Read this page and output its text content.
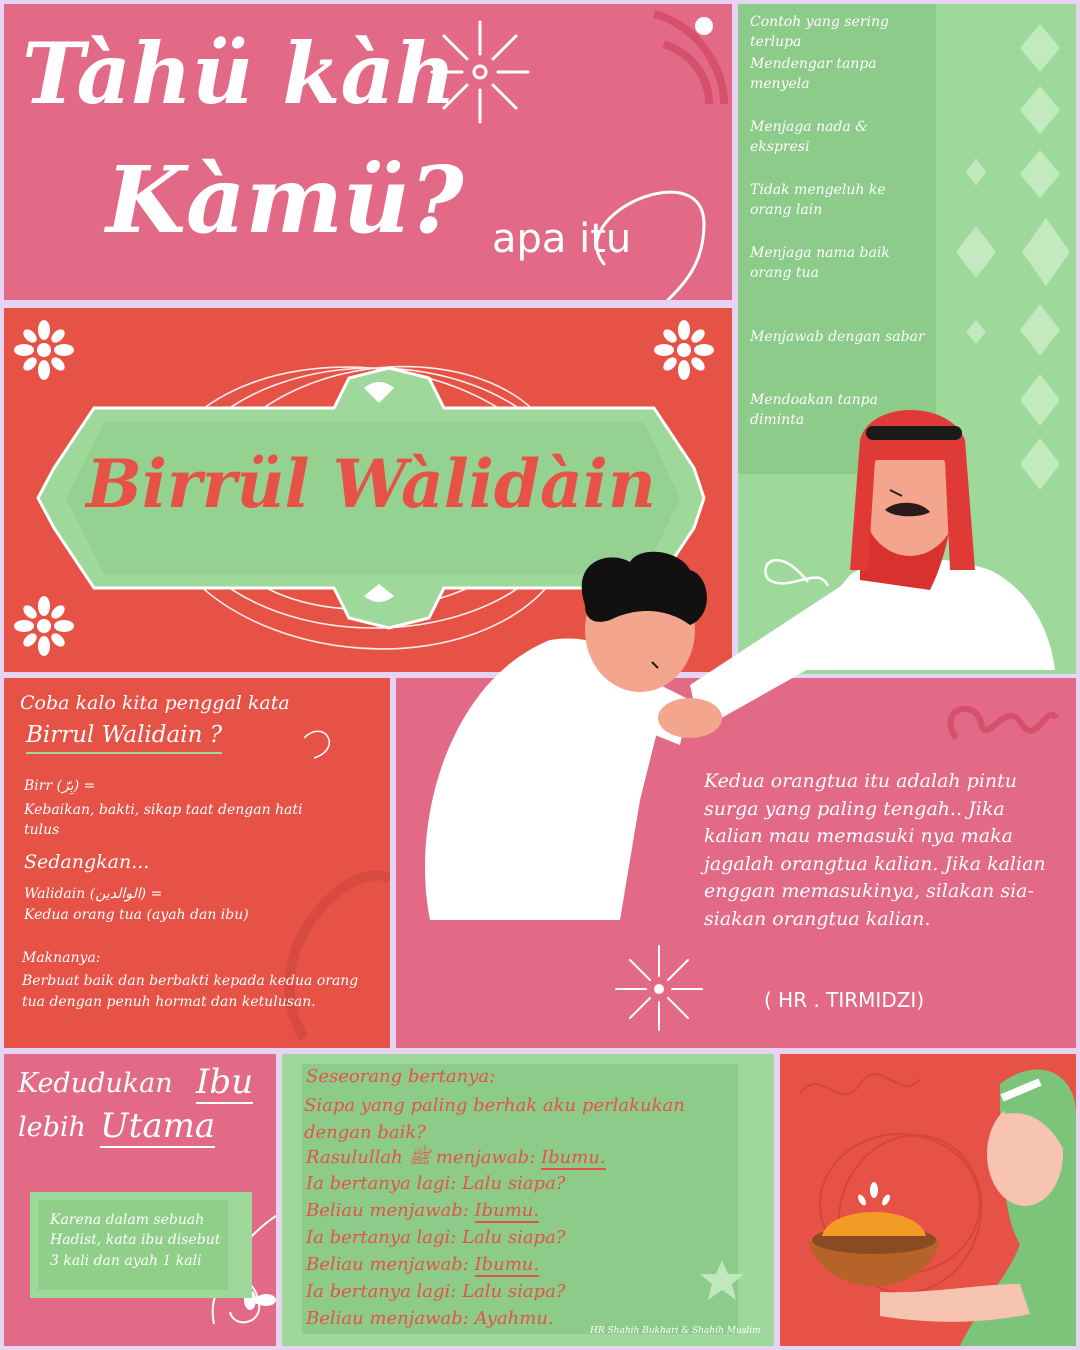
Tàhü kàh

Kàmü? apa itu

Birrül Wàlidàin

Contoh yang sering terlupa

Mendengar tanpa menyela

Menjaga nada & ekspresi

Tidak mengeluh ke orang lain

Menjaga nama baik orang tua

Menjawab dengan sabar

Mendoakan tanpa diminta

Coba kalo kita penggal kata

Birrul Walidain ?

Birr (بِرّ) =

Kebaikan, bakti, sikap taat dengan hati tulus

Sedangkan...

Walidain (الوالدين) =

Kedua orang tua (ayah dan ibu)

Maknanya:

Berbuat baik dan berbakti kepada kedua orang tua dengan penuh hormat dan ketulusan.

Kedua orangtua itu adalah pintu surga yang paling tengah.. Jika kalian mau memasuki nya maka jagalah orangtua kalian. Jika kalian enggan memasukinya, silakan sia-siakan orangtua kalian.

( HR . TIRMIDZI)

Kedudukan Ibu

lebih Utama

Karena dalam sebuah Hadist, kata ibu disebut 3 kali dan ayah 1 kali

Seseorang bertanya:

Siapa yang paling berhak aku perlakukan dengan baik?

Rasulullah ﷺ menjawab: Ibumu.

Ia bertanya lagi: Lalu siapa?

Beliau menjawab: Ibumu.

Ia bertanya lagi: Lalu siapa?

Beliau menjawab: Ibumu.

Ia bertanya lagi: Lalu siapa?

Beliau menjawab: Ayahmu.

HR Shahih Bukhari & Shahih Muslim
